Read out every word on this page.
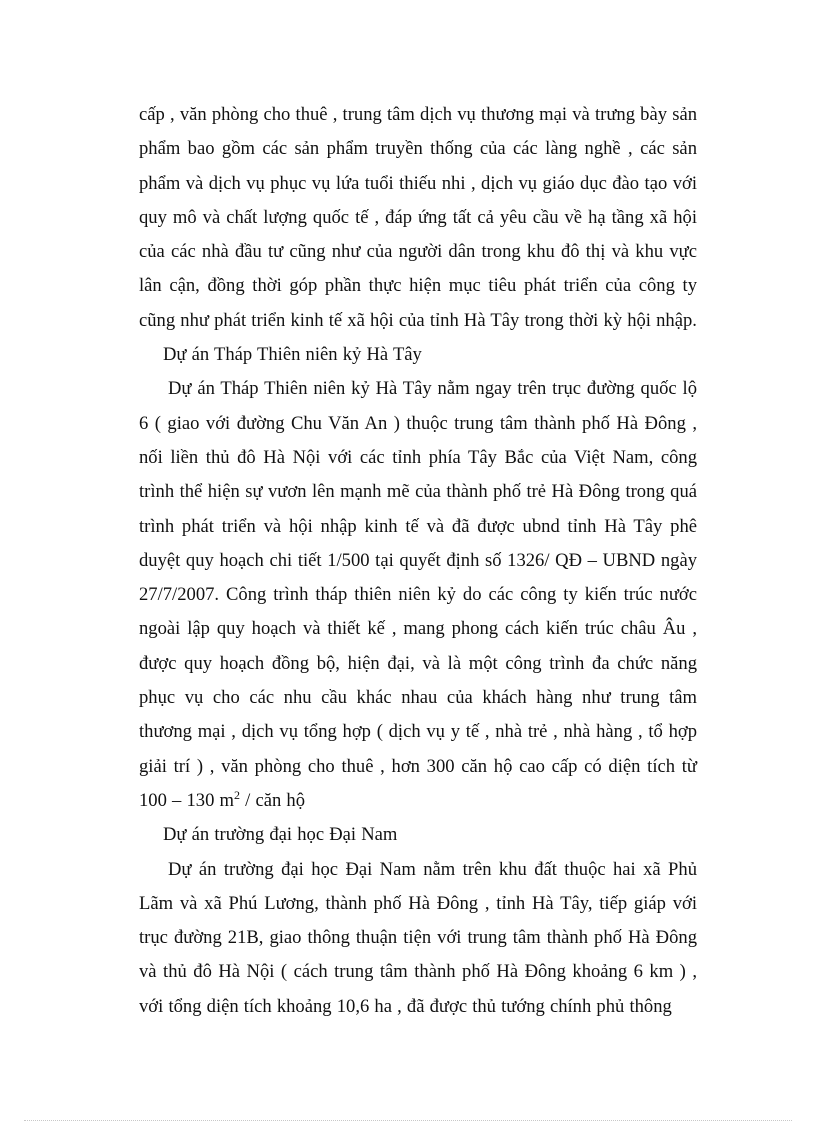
cấp , văn phòng cho thuê , trung tâm dịch vụ thương mại và trưng bày sản phẩm bao gồm các sản phẩm truyền thống của các làng nghề , các sản phẩm và dịch vụ phục vụ lứa tuổi thiếu nhi , dịch vụ giáo dục đào tạo với quy mô và chất lượng quốc tế , đáp ứng tất cả yêu cầu về hạ tầng xã hội của các nhà đầu tư cũng như của người dân trong khu đô thị và khu vực lân cận, đồng thời góp phần thực hiện mục tiêu phát triển của công ty cũng như phát triển kinh tế xã hội của tỉnh Hà Tây trong thời kỳ hội nhập.

Dự án Tháp Thiên niên kỷ Hà Tây

Dự án Tháp Thiên niên kỷ Hà Tây nằm ngay trên trục đường quốc lộ 6 ( giao với đường Chu Văn An ) thuộc trung tâm thành phố Hà Đông , nối liền thủ đô Hà Nội với các tỉnh phía Tây Bắc của Việt Nam, công trình thể hiện sự vươn lên mạnh mẽ của thành phố trẻ Hà Đông trong quá trình phát triển và hội nhập kinh tế và đã được ubnd tỉnh Hà Tây phê duyệt quy hoạch chi tiết 1/500 tại quyết định số 1326/ QĐ – UBND ngày 27/7/2007. Công trình tháp thiên niên kỷ do các công ty kiến trúc nước ngoài lập quy hoạch và thiết kế , mang phong cách kiến trúc châu Âu , được quy hoạch đồng bộ, hiện đại, và là một công trình đa chức năng phục vụ cho các nhu cầu khác nhau của khách hàng như trung tâm thương mại , dịch vụ tổng hợp ( dịch vụ y tế , nhà trẻ , nhà hàng , tổ hợp giải trí ) , văn phòng cho thuê , hơn 300 căn hộ cao cấp có diện tích từ 100 – 130 $m^2$ / căn hộ

Dự án trường đại học Đại Nam

Dự án trường đại học Đại Nam nằm trên khu đất thuộc hai xã Phủ Lãm và xã Phú Lương, thành phố Hà Đông , tỉnh Hà Tây, tiếp giáp với trục đường 21B, giao thông thuận tiện với trung tâm thành phố Hà Đông và thủ đô Hà Nội ( cách trung tâm thành phố Hà Đông khoảng 6 km ) , với tổng diện tích khoảng 10,6 ha , đã được thủ tướng chính phủ thông
